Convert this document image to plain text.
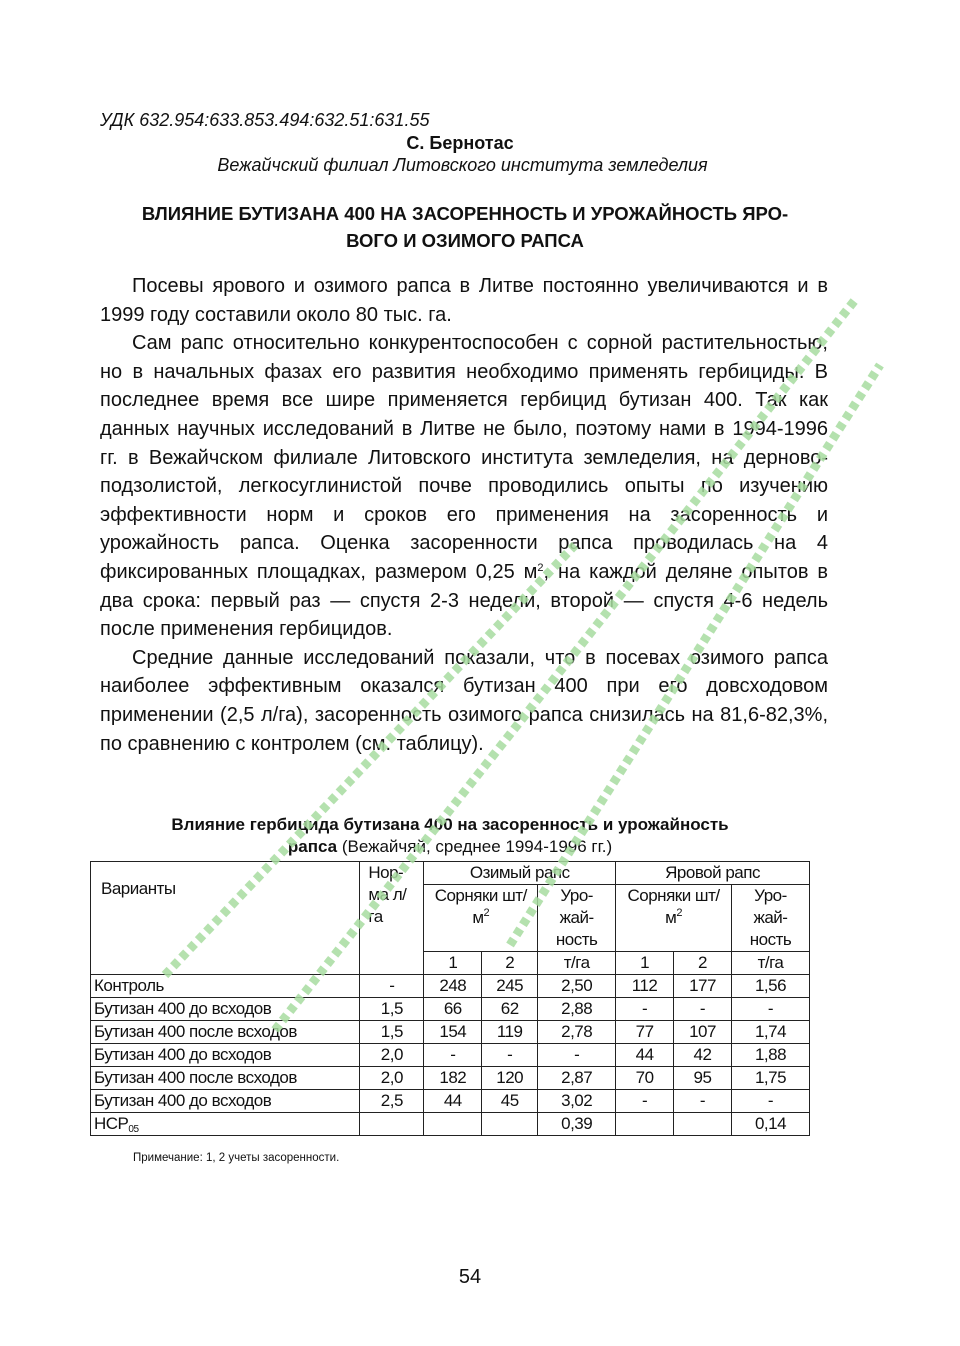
УДК 632.954:633.853.494:632.51:631.55
С. Бернотас
Вежайчский филиал Литовского института земледелия
ВЛИЯНИЕ БУТИЗАНА 400 НА ЗАСОРЕННОСТЬ И УРОЖАЙНОСТЬ ЯРО-
ВОГО И ОЗИМОГО РАПСА

Посевы ярового и озимого рапса в Литве постоянно увеличиваются и в 1999 году составили около 80 тыс. га.

Сам рапс относительно конкурентоспособен с сорной растительностью, но в начальных фазах его развития необходимо применять гербициды. В последнее время все шире применяется гербицид бутизан 400. Так как данных научных исследований в Литве не было, поэтому нами в 1994-1996 гг. в Вежайчском филиале Литовского института земледелия, на дерново-подзолистой, легкосуглинистой почве проводились опыты по изучению эффективности норм и сроков его применения на засоренность и урожайность рапса. Оценка засоренности рапса проводилась на 4 фиксированных площадках, размером 0,25 $м^2$, на каждой деляне опытов в два срока: первый раз — спустя 2-3 недели, второй — спустя 4-6 недель после применения гербицидов.

Средние данные исследований показали, что в посевах озимого рапса наиболее эффективным оказался бутизан 400 при его довсходовом применении (2,5 л/га), засоренность озимого рапса снизилась на 81,6-82,3%, по сравнению с контролем (см. таблицу).

Влияние гербицида бутизана 400 на засоренность и урожайность
рапса (Вежайчяй, среднее 1994-1996 гг.)
Варианты	Нор-ма л/га	Озимый рапс			Яровой рапс		
		Сорняки $шт/м^2$		Уро-жай-ность	Сорняки $шт/м^2$		Уро-жай-ность
		1	2	т/га	1	2	т/га
Контроль	-	248	245	2,50	112	177	1,56
Бутизан 400 до всходов	1,5	66	62	2,88	-	-	-
Бутизан 400 после всходов	1,5	154	119	2,78	77	107	1,74
Бутизан 400 до всходов	2,0	-	-	-	44	42	1,88
Бутизан 400 после всходов	2,0	182	120	2,87	70	95	1,75
Бутизан 400 до всходов	2,5	44	45	3,02	-	-	-
$НСР_{05}$				0,39			0,14
Примечание: 1, 2 учеты засоренности.
54
